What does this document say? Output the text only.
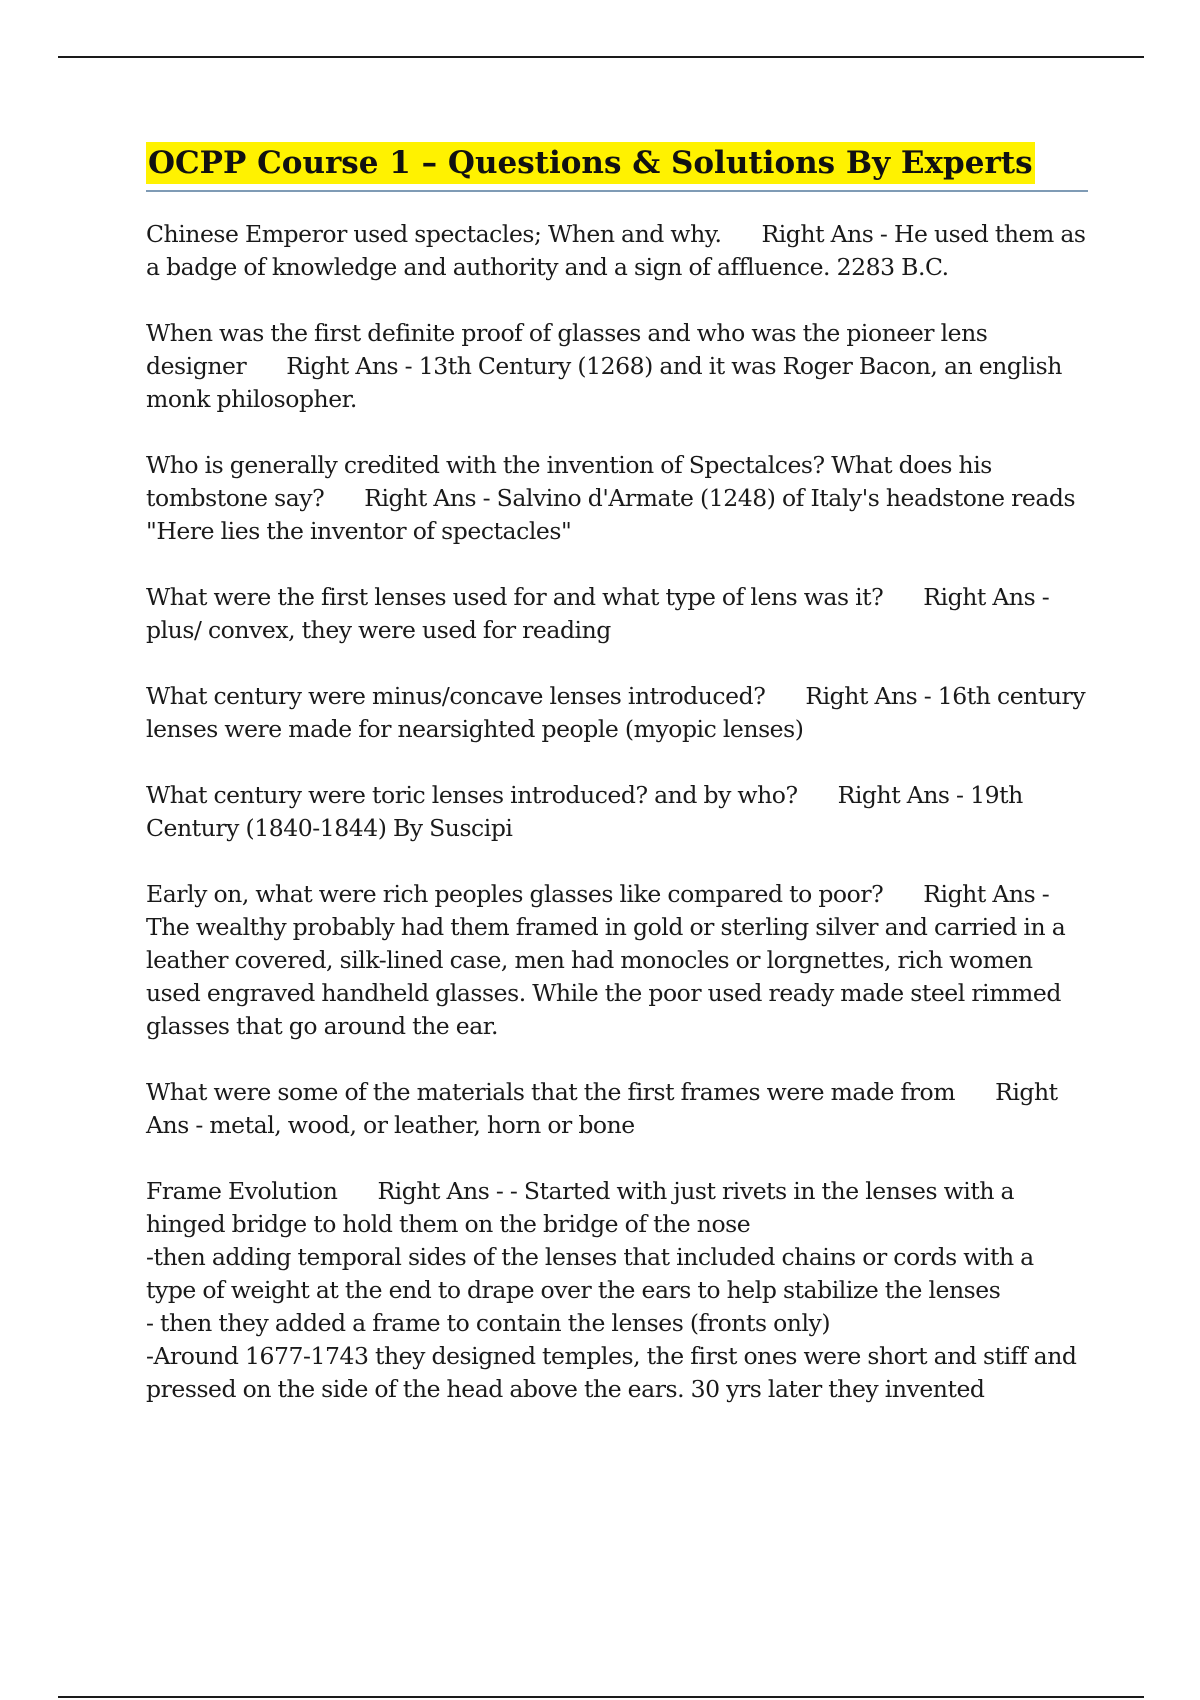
OCPP Course 1 – Questions & Solutions By Experts

Chinese Emperor used spectacles; When and why. Right Ans - He used them as a badge of knowledge and authority and a sign of affluence. 2283 B.C.

When was the first definite proof of glasses and who was the pioneer lens designer Right Ans - 13th Century (1268) and it was Roger Bacon, an english monk philosopher.

Who is generally credited with the invention of Spectalces? What does his tombstone say? Right Ans - Salvino d'Armate (1248) of Italy's headstone reads "Here lies the inventor of spectacles"

What were the first lenses used for and what type of lens was it? Right Ans - plus/ convex, they were used for reading

What century were minus/concave lenses introduced? Right Ans - 16th century lenses were made for nearsighted people (myopic lenses)

What century were toric lenses introduced? and by who? Right Ans - 19th Century (1840-1844) By Suscipi

Early on, what were rich peoples glasses like compared to poor? Right Ans - The wealthy probably had them framed in gold or sterling silver and carried in a leather covered, silk-lined case, men had monocles or lorgnettes, rich women used engraved handheld glasses. While the poor used ready made steel rimmed glasses that go around the ear.

What were some of the materials that the first frames were made from Right Ans - metal, wood, or leather, horn or bone

Frame Evolution Right Ans - - Started with just rivets in the lenses with a hinged bridge to hold them on the bridge of the nose
-then adding temporal sides of the lenses that included chains or cords with a type of weight at the end to drape over the ears to help stabilize the lenses
- then they added a frame to contain the lenses (fronts only)
-Around 1677-1743 they designed temples, the first ones were short and stiff and pressed on the side of the head above the ears. 30 yrs later they invented
